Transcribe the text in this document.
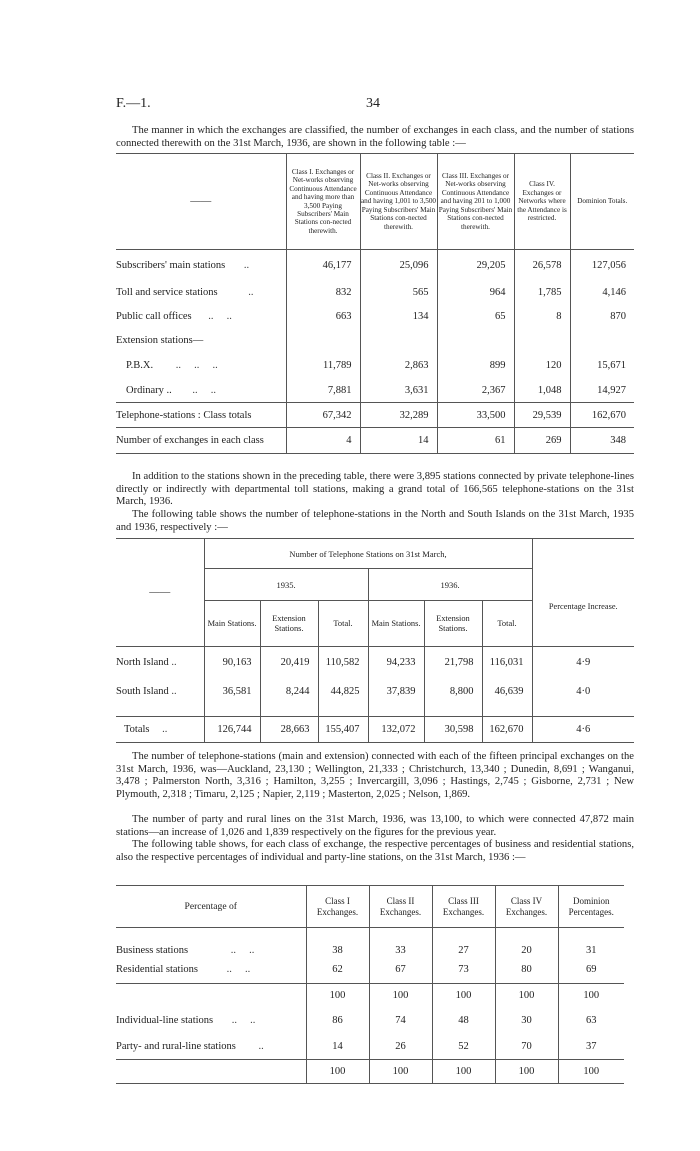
F.—1.	34

The manner in which the exchanges are classified, the number of exchanges in each class, and the number of stations connected therewith on the 31st March, 1936, are shown in the following table :—

——	Class I. Exchanges or Net-works observing Continuous Attendance and having more than 3,500 Paying Subscribers' Main Stations con-nected therewith.	Class II. Exchanges or Net-works observing Continuous Attendance and having 1,001 to 3,500 Paying Subscribers' Main Stations con-nected therewith.	Class III. Exchanges or Net-works observing Continuous Attendance and having 201 to 1,000 Paying Subscribers' Main Stations con-nected therewith.	Class IV. Exchanges or Networks where the Attendance is restricted.	Dominion Totals.
Subscribers' main stations ..	46,177	25,096	29,205	26,578	127,056
Toll and service stations ..	832	565	964	1,785	4,146
Public call offices ..     ..	663	134	65	8	870
Extension stations—					
P.B.X. ..     ..     ..	11,789	2,863	899	120	15,671
Ordinary .. ..     ..	7,881	3,631	2,367	1,048	14,927
Telephone-stations : Class totals	67,342	32,289	33,500	29,539	162,670
Number of exchanges in each class	4	14	61	269	348

In addition to the stations shown in the preceding table, there were 3,895 stations connected by private telephone-lines directly or indirectly with departmental toll stations, making a grand total of 166,565 telephone-stations on the 31st March, 1936.

The following table shows the number of telephone-stations in the North and South Islands on the 31st March, 1935 and 1936, respectively :—

——	Number of Telephone Stations on 31st March,						
	1935.			1936.			Percentage Increase.
	Main Stations.	Extension Stations.	Total.	Main Stations.	Extension Stations.	Total.	
North Island ..	90,163	20,419	110,582	94,233	21,798	116,031	4·9
South Island ..	36,581	8,244	44,825	37,839	8,800	46,639	4·0

Totals ..	126,744	28,663	155,407	132,072	30,598	162,670	4·6

The number of telephone-stations (main and extension) connected with each of the fifteen principal exchanges on the 31st March, 1936, was—Auckland, 23,130 ; Wellington, 21,333 ; Christchurch, 13,340 ; Dunedin, 8,691 ; Wanganui, 3,478 ; Palmerston North, 3,316 ; Hamilton, 3,255 ; Invercargill, 3,096 ; Hastings, 2,745 ; Gisborne, 2,731 ; New Plymouth, 2,318 ; Timaru, 2,125 ; Napier, 2,119 ; Masterton, 2,025 ; Nelson, 1,869.

The number of party and rural lines on the 31st March, 1936, was 13,100, to which were connected 47,872 main stations—an increase of 1,026 and 1,839 respectively on the figures for the previous year.

The following table shows, for each class of exchange, the respective percentages of business and residential stations, also the respective percentages of individual and party-line stations, on the 31st March, 1936 :—

Percentage of	Class I Exchanges.	Class II Exchanges.	Class III Exchanges.	Class IV Exchanges.	Dominion Percentages.
Business stations ..     ..	38	33	27	20	31
Residential stations ..     ..	62	67	73	80	69
	100	100	100	100	100
Individual-line stations ..     ..	86	74	48	30	63
Party- and rural-line stations ..	14	26	52	70	37
	100	100	100	100	100
